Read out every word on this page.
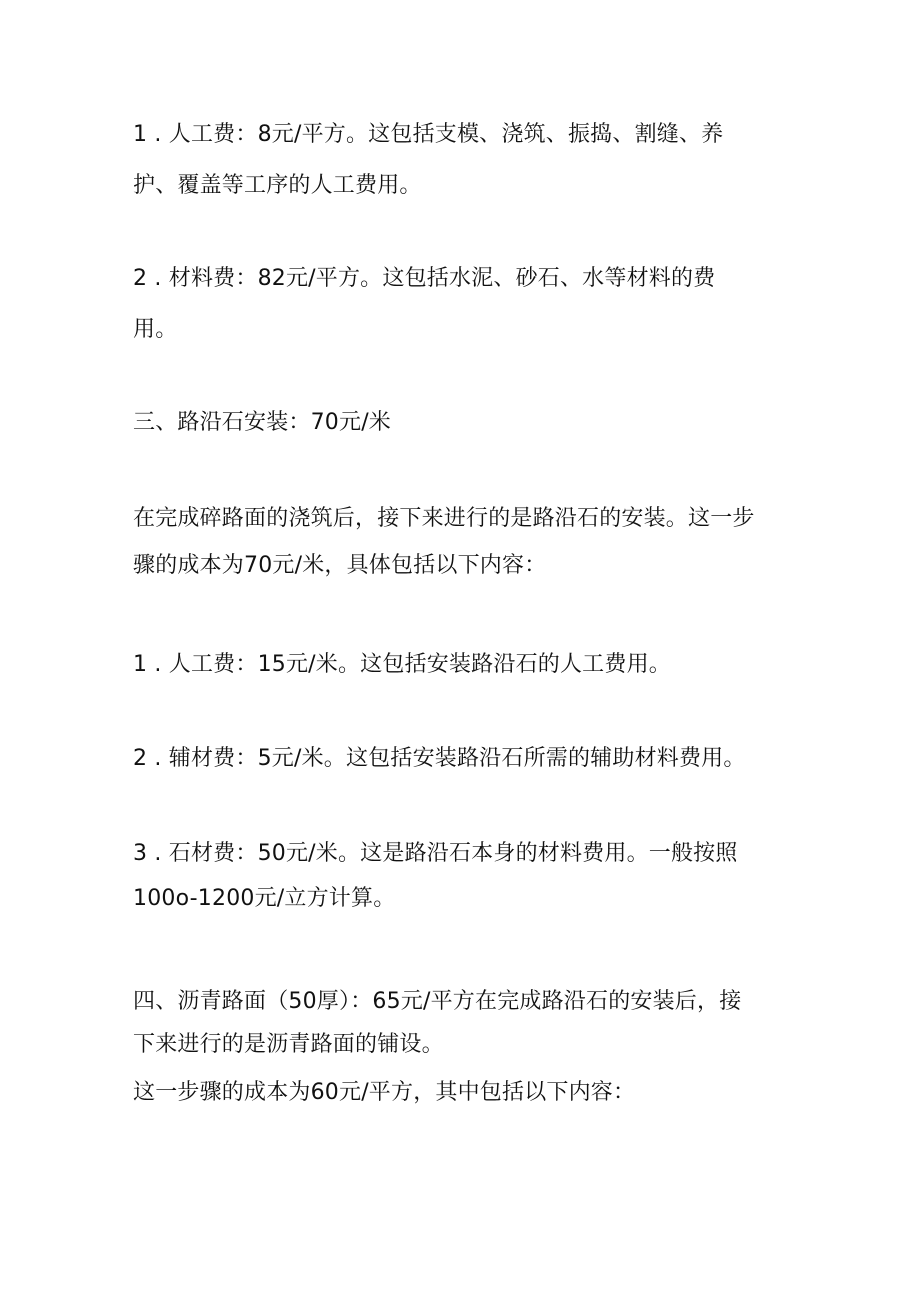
1 . 人工费：8元/平方。这包括支模、浇筑、振捣、割缝、养
护、覆盖等工序的人工费用。
2 . 材料费：82元/平方。这包括水泥、砂石、水等材料的费
用。
三、路沿石安装：70元/米
在完成碎路面的浇筑后，接下来进行的是路沿石的安装。这一步
骤的成本为70元/米，具体包括以下内容：
1 . 人工费：15元/米。这包括安装路沿石的人工费用。
2 . 辅材费：5元/米。这包括安装路沿石所需的辅助材料费用。
3 . 石材费：50元/米。这是路沿石本身的材料费用。一般按照
100o-1200元/立方计算。
四、沥青路面（50厚）：65元/平方在完成路沿石的安装后，接
下来进行的是沥青路面的铺设。
这一步骤的成本为60元/平方，其中包括以下内容：
